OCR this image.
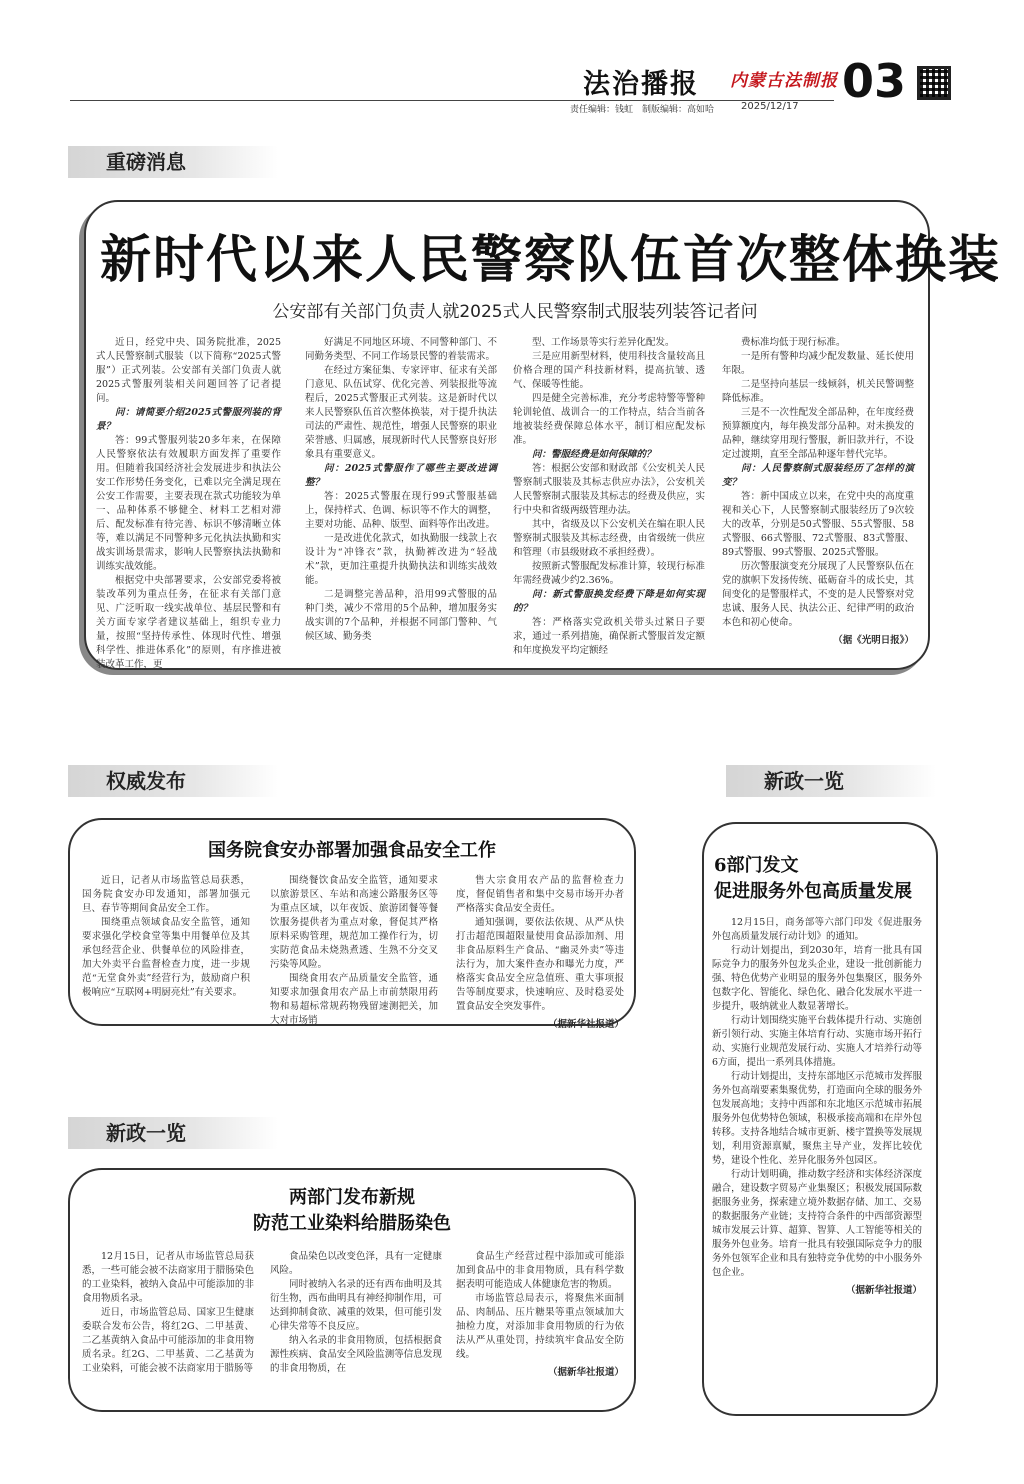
法治播报 内蒙古法制报 03
责任编辑：钱虹　制版编辑：高如哈	2025/12/17
重磅消息
新时代以来人民警察队伍首次整体换装
公安部有关部门负责人就2025式人民警察制式服装列装答记者问

近日，经党中央、国务院批准，2025式人民警察制式服装（以下简称“2025式警服”）正式列装。公安部有关部门负责人就2025式警服列装相关问题回答了记者提问。

问：请简要介绍2025式警服列装的背景？

答：99式警服列装20多年来，在保障人民警察依法有效履职方面发挥了重要作用。但随着我国经济社会发展进步和执法公安工作形势任务变化，已难以完全满足现在公安工作需要，主要表现在款式功能较为单一、品种体系不够健全、材料工艺相对滞后、配发标准有待完善、标识不够清晰立体等，难以满足不同警种多元化执法执勤和实战实训场景需求，影响人民警察执法执勤和训练实战效能。

根据党中央部署要求，公安部党委将被装改革列为重点任务，在征求有关部门意见、广泛听取一线实战单位、基层民警和有关方面专家学者建议基础上，组织专业力量，按照“坚持传承性、体现时代性、增强科学性、推进体系化”的原则，有序推进被装改革工作，更

好满足不同地区环境、不同警种部门、不同勤务类型、不同工作场景民警的着装需求。

在经过方案征集、专家评审、征求有关部门意见、队伍试穿、优化完善、列装报批等流程后，2025式警服正式列装。这是新时代以来人民警察队伍首次整体换装，对于提升执法司法的严肃性、规范性，增强人民警察的职业荣誉感、归属感，展现新时代人民警察良好形象具有重要意义。

问：2025式警服作了哪些主要改进调整？

答：2025式警服在现行99式警服基础上，保持样式、色调、标识等不作大的调整，主要对功能、品种、版型、面料等作出改进。

一是改进优化款式，如执勤服一线款上衣设计为“冲锋衣”款，执勤裤改进为“轻战术”款，更加注重提升执勤执法和训练实战效能。

二是调整完善品种，沿用99式警服的品种门类，减少不常用的5个品种，增加服务实战实训的7个品种，并根据不同部门警种、气候区域、勤务类

型、工作场景等实行差异化配发。

三是应用新型材料，使用科技含量较高且价格合理的国产科技新材料，提高抗皱、透气、保暖等性能。

四是健全完善标准，充分考虑特警等警种轮训轮值、战训合一的工作特点，结合当前各地被装经费保障总体水平，制订相应配发标准。

问：警服经费是如何保障的？

答：根据公安部和财政部《公安机关人民警察制式服装及其标志供应办法》，公安机关人民警察制式服装及其标志的经费及供应，实行中央和省级两级管理办法。

其中，省级及以下公安机关在编在职人民警察制式服装及其标志经费，由省级统一供应和管理（市县级财政不承担经费）。

按照新式警服配发标准计算，较现行标准年需经费减少约2.36%。

问：新式警服换发经费下降是如何实现的？

答：严格落实党政机关带头过紧日子要求，通过一系列措施，确保新式警服首发定额和年度换发平均定额经

费标准均低于现行标准。

一是所有警种均减少配发数量、延长使用年限。

二是坚持向基层一线倾斜，机关民警调整降低标准。

三是不一次性配发全部品种，在年度经费预算额度内，每年换发部分品种。对未换发的品种，继续穿用现行警服，新旧款并行，不设定过渡期，直至全部品种逐年替代完毕。

问：人民警察制式服装经历了怎样的演变？

答：新中国成立以来，在党中央的高度重视和关心下，人民警察制式服装经历了9次较大的改革，分别是50式警服、55式警服、58式警服、66式警服、72式警服、83式警服、89式警服、99式警服、2025式警服。

历次警服演变充分展现了人民警察队伍在党的旗帜下发扬传统、砥砺奋斗的成长史，其间变化的是警服样式，不变的是人民警察对党忠诚、服务人民、执法公正、纪律严明的政治本色和初心使命。

（据《光明日报》）

权威发布
国务院食安办部署加强食品安全工作

近日，记者从市场监管总局获悉，国务院食安办印发通知，部署加强元旦、春节等期间食品安全工作。

围绕重点领域食品安全监管，通知要求强化学校食堂等集中用餐单位及其承包经营企业、供餐单位的风险排查，加大外卖平台监督检查力度，进一步规范“无堂食外卖”经营行为，鼓励商户积极响应“互联网+明厨亮灶”有关要求。

围绕餐饮食品安全监管，通知要求以旅游景区、车站和高速公路服务区等为重点区域，以年夜饭、旅游团餐等餐饮服务提供者为重点对象，督促其严格原料采购管理，规范加工操作行为，切实防范食品未烧熟煮透、生熟不分交叉污染等风险。

围绕食用农产品质量安全监管，通知要求加强食用农产品上市前禁限用药物和易超标常规药物残留速测把关，加大对市场销

售大宗食用农产品的监督检查力度，督促销售者和集中交易市场开办者严格落实食品安全责任。

通知强调，要依法依规、从严从快打击超范围超限量使用食品添加剂、用非食品原料生产食品、“幽灵外卖”等违法行为，加大案件查办和曝光力度，严格落实食品安全应急值班、重大事项报告等制度要求，快速响应、及时稳妥处置食品安全突发事件。

（据新华社报道）

新政一览
6部门发文
促进服务外包高质量发展

12月15日，商务部等六部门印发《促进服务外包高质量发展行动计划》的通知。

行动计划提出，到2030年，培育一批具有国际竞争力的服务外包龙头企业，建设一批创新能力强、特色优势产业明显的服务外包集聚区，服务外包数字化、智能化、绿色化、融合化发展水平进一步提升，吸纳就业人数显著增长。

行动计划围绕实施平台载体提升行动、实施创新引领行动、实施主体培育行动、实施市场开拓行动、实施行业规范发展行动、实施人才培养行动等6方面，提出一系列具体措施。

行动计划提出，支持东部地区示范城市发挥服务外包高端要素集聚优势，打造面向全球的服务外包发展高地；支持中西部和东北地区示范城市拓展服务外包优势特色领域，积极承接高端和在岸外包转移。支持各地结合城市更新、楼宇置换等发展规划，利用资源禀赋，聚焦主导产业，发挥比较优势，建设个性化、差异化服务外包园区。

行动计划明确，推动数字经济和实体经济深度融合，建设数字贸易产业集聚区；积极发展国际数据服务业务，探索建立境外数据存储、加工、交易的数据服务产业链；支持符合条件的中西部资源型城市发展云计算、超算、智算、人工智能等相关的服务外包业务。培育一批具有较强国际竞争力的服务外包领军企业和具有独特竞争优势的中小服务外包企业。

（据新华社报道）

新政一览
两部门发布新规
防范工业染料给腊肠染色

12月15日，记者从市场监管总局获悉，一些可能会被不法商家用于腊肠染色的工业染料，被纳入食品中可能添加的非食用物质名录。

近日，市场监管总局、国家卫生健康委联合发布公告，将红2G、二甲基黄、二乙基黄纳入食品中可能添加的非食用物质名录。红2G、二甲基黄、二乙基黄为工业染料，可能会被不法商家用于腊肠等

食品染色以改变色泽，具有一定健康风险。

同时被纳入名录的还有西布曲明及其衍生物，西布曲明具有神经抑制作用，可达到抑制食欲、减重的效果，但可能引发心律失常等不良反应。

纳入名录的非食用物质，包括根据食源性疾病、食品安全风险监测等信息发现的非食用物质，在

食品生产经营过程中添加或可能添加到食品中的非食用物质，具有科学数据表明可能造成人体健康危害的物质。

市场监管总局表示，将聚焦米面制品、肉制品、压片糖果等重点领域加大抽检力度，对添加非食用物质的行为依法从严从重处罚，持续筑牢食品安全防线。

（据新华社报道）
